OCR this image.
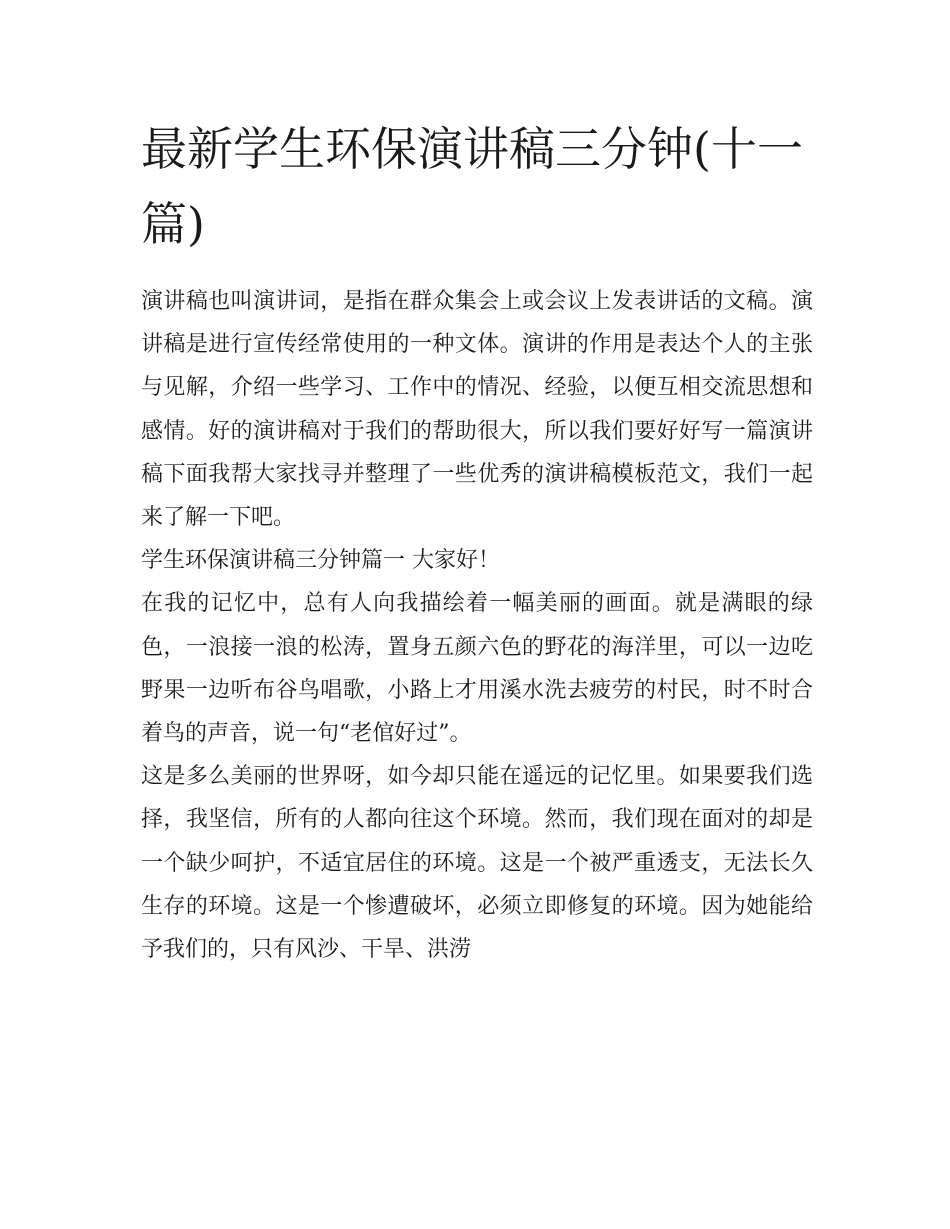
最新学生环保演讲稿三分钟(十一篇)

演讲稿也叫演讲词，是指在群众集会上或会议上发表讲话的文稿。演讲稿是进行宣传经常使用的一种文体。演讲的作用是表达个人的主张与见解，介绍一些学习、工作中的情况、经验，以便互相交流思想和感情。好的演讲稿对于我们的帮助很大，所以我们要好好写一篇演讲稿下面我帮大家找寻并整理了一些优秀的演讲稿模板范文，我们一起来了解一下吧。

学生环保演讲稿三分钟篇一 大家好！

在我的记忆中，总有人向我描绘着一幅美丽的画面。就是满眼的绿色，一浪接一浪的松涛，置身五颜六色的野花的海洋里，可以一边吃野果一边听布谷鸟唱歌，小路上才用溪水洗去疲劳的村民，时不时合着鸟的声音，说一句“老倌好过”。

这是多么美丽的世界呀，如今却只能在遥远的记忆里。如果要我们选择，我坚信，所有的人都向往这个环境。然而，我们现在面对的却是一个缺少呵护，不适宜居住的环境。这是一个被严重透支，无法长久生存的环境。这是一个惨遭破坏，必须立即修复的环境。因为她能给予我们的，只有风沙、干旱、洪涝
